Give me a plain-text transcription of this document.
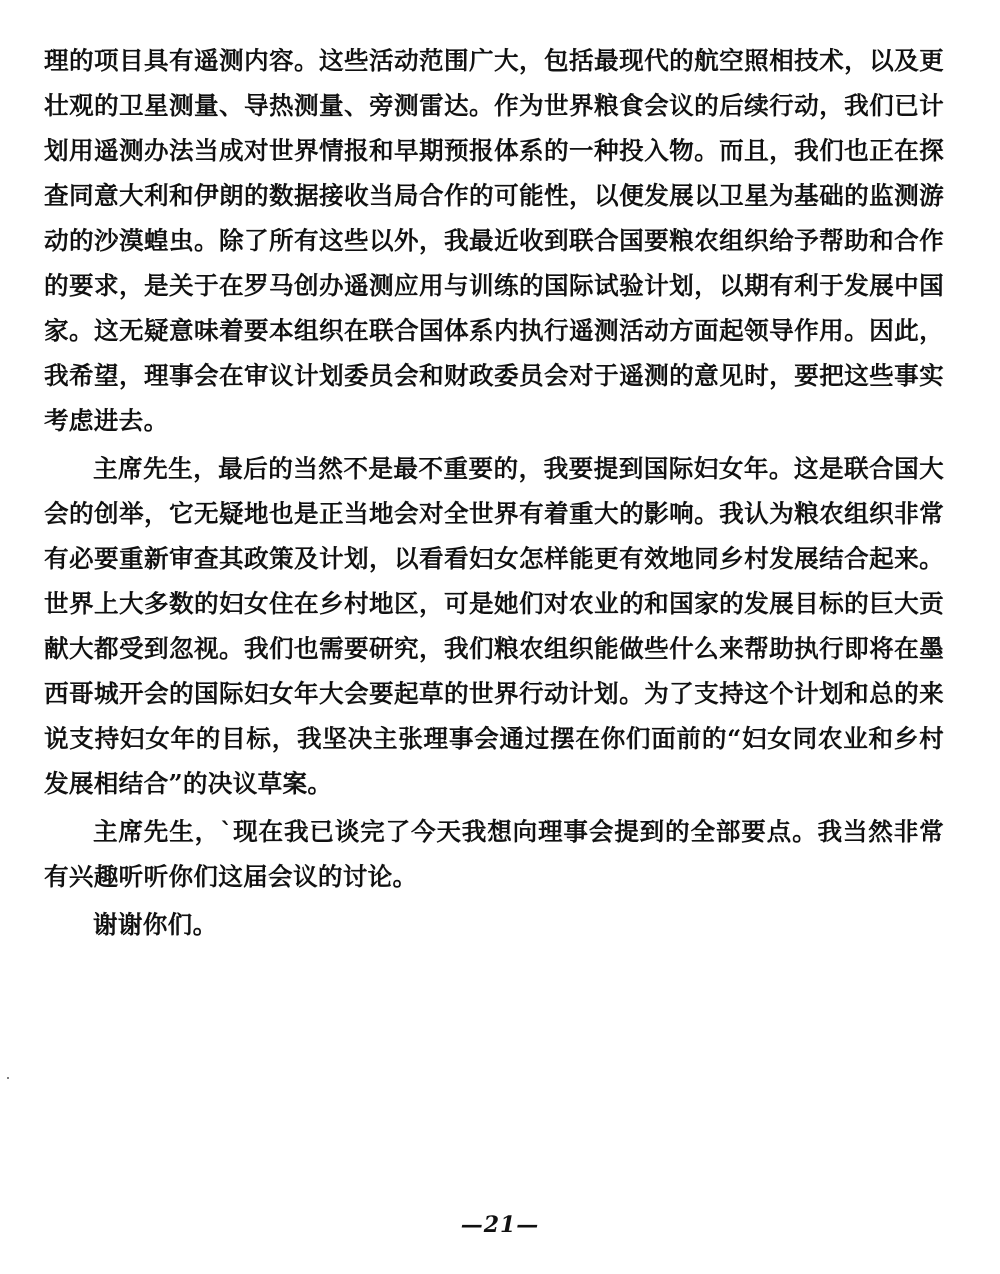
理的项目具有遥测内容。这些活动范围广大，包括最现代的航空照相技术，以及更壮观的卫星测量、导热测量、旁测雷达。作为世界粮食会议的后续行动，我们已计划用遥测办法当成对世界情报和早期预报体系的一种投入物。而且，我们也正在探查同意大利和伊朗的数据接收当局合作的可能性，以便发展以卫星为基础的监测游动的沙漠蝗虫。除了所有这些以外，我最近收到联合国要粮农组织给予帮助和合作的要求，是关于在罗马创办遥测应用与训练的国际试验计划，以期有利于发展中国家。这无疑意味着要本组织在联合国体系内执行遥测活动方面起领导作用。因此，我希望，理事会在审议计划委员会和财政委员会对于遥测的意见时，要把这些事实考虑进去。

主席先生，最后的当然不是最不重要的，我要提到国际妇女年。这是联合国大会的创举，它无疑地也是正当地会对全世界有着重大的影响。我认为粮农组织非常有必要重新审查其政策及计划，以看看妇女怎样能更有效地同乡村发展结合起来。世界上大多数的妇女住在乡村地区，可是她们对农业的和国家的发展目标的巨大贡献大都受到忽视。我们也需要研究，我们粮农组织能做些什么来帮助执行即将在墨西哥城开会的国际妇女年大会要起草的世界行动计划。为了支持这个计划和总的来说支持妇女年的目标，我坚决主张理事会通过摆在你们面前的“妇女同农业和乡村发展相结合”的决议草案。

主席先生，`现在我已谈完了今天我想向理事会提到的全部要点。我当然非常有兴趣听听你们这届会议的讨论。

谢谢你们。

—21—
